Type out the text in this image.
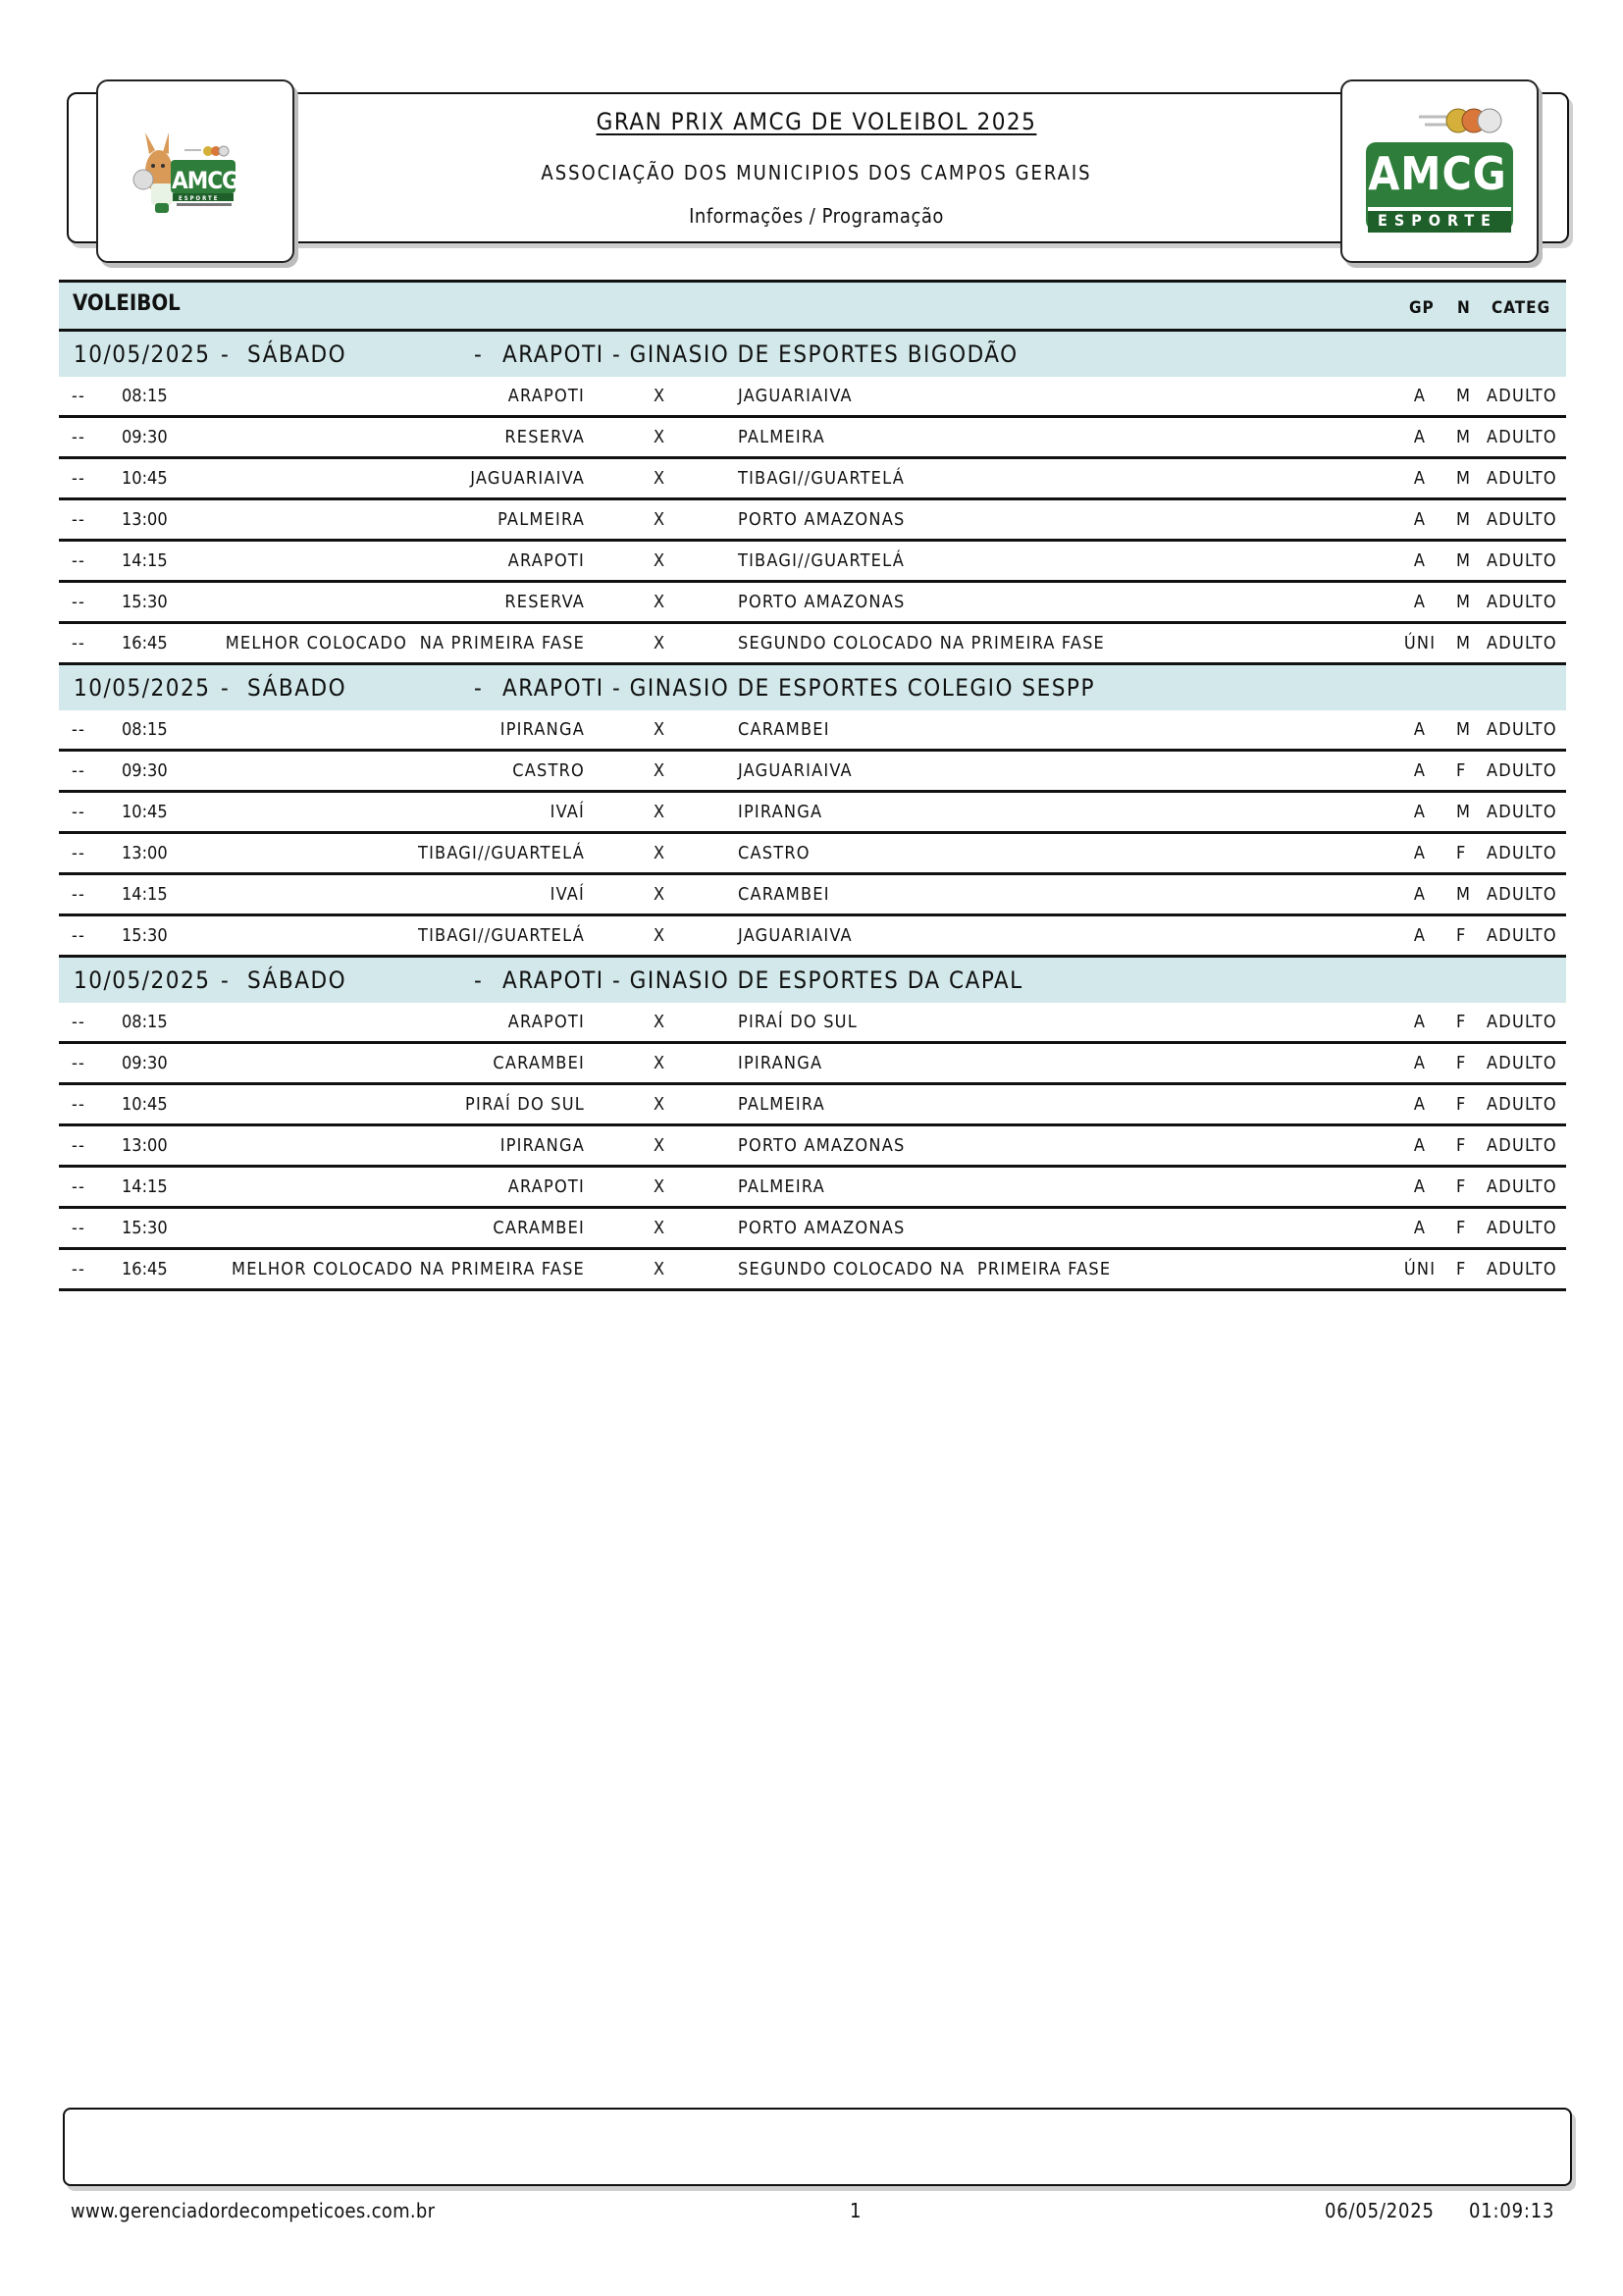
AMCG
ESPORTE	AMCG
ESPORTE
GRAN PRIX AMCG DE VOLEIBOL 2025
ASSOCIAÇÃO DOS MUNICIPIOS DOS CAMPOS GERAIS
Informações / Programação
VOLEIBOL	GP N CATEG
10/05/2025 - SÁBADO	- ARAPOTI - GINASIO DE ESPORTES BIGODÃO
-- 08:15	ARAPOTI	X	JAGUARIAIVA	A	M ADULTO
-- 09:30	RESERVA	X	PALMEIRA	A	M ADULTO
-- 10:45	JAGUARIAIVA	X	TIBAGI//GUARTELÁ	A	M ADULTO
-- 13:00	PALMEIRA	X	PORTO AMAZONAS	A	M ADULTO
-- 14:15	ARAPOTI	X	TIBAGI//GUARTELÁ	A	M ADULTO
-- 15:30	RESERVA	X	PORTO AMAZONAS	A	M ADULTO
-- 16:45	MELHOR COLOCADO  NA PRIMEIRA FASE	X	SEGUNDO COLOCADO NA PRIMEIRA FASE	ÚNI	M ADULTO
10/05/2025 - SÁBADO	- ARAPOTI - GINASIO DE ESPORTES COLEGIO SESPP
-- 08:15	IPIRANGA	X	CARAMBEI	A	M ADULTO
-- 09:30	CASTRO	X	JAGUARIAIVA	A	F ADULTO
-- 10:45	IVAÍ	X	IPIRANGA	A	M ADULTO
-- 13:00	TIBAGI//GUARTELÁ	X	CASTRO	A	F ADULTO
-- 14:15	IVAÍ	X	CARAMBEI	A	M ADULTO
-- 15:30	TIBAGI//GUARTELÁ	X	JAGUARIAIVA	A	F ADULTO
10/05/2025 - SÁBADO	- ARAPOTI - GINASIO DE ESPORTES DA CAPAL
-- 08:15	ARAPOTI	X	PIRAÍ DO SUL	A	F ADULTO
-- 09:30	CARAMBEI	X	IPIRANGA	A	F ADULTO
-- 10:45	PIRAÍ DO SUL	X	PALMEIRA	A	F ADULTO
-- 13:00	IPIRANGA	X	PORTO AMAZONAS	A	F ADULTO
-- 14:15	ARAPOTI	X	PALMEIRA	A	F ADULTO
-- 15:30	CARAMBEI	X	PORTO AMAZONAS	A	F ADULTO
-- 16:45	MELHOR COLOCADO NA PRIMEIRA FASE	X	SEGUNDO COLOCADO NA  PRIMEIRA FASE	ÚNI	F ADULTO
www.gerenciadordecompeticoes.com.br	1	06/05/2025 01:09:13
